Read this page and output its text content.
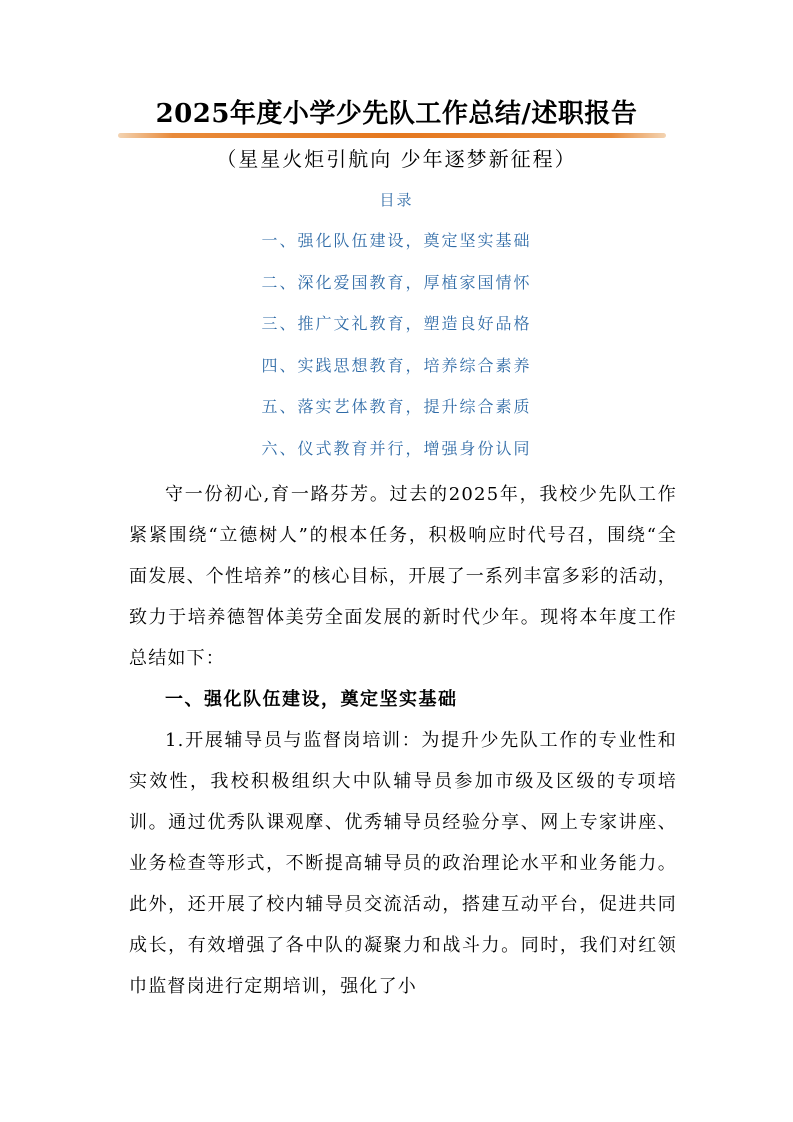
2025年度小学少先队工作总结/述职报告
（星星火炬引航向 少年逐梦新征程）
目录
一、强化队伍建设，奠定坚实基础
二、深化爱国教育，厚植家国情怀
三、推广文礼教育，塑造良好品格
四、实践思想教育，培养综合素养
五、落实艺体教育，提升综合素质
六、仪式教育并行，增强身份认同

守一份初心,育一路芬芳。过去的2025年，我校少先队工作紧紧围绕“立德树人”的根本任务，积极响应时代号召，围绕“全面发展、个性培养”的核心目标，开展了一系列丰富多彩的活动，致力于培养德智体美劳全面发展的新时代少年。现将本年度工作总结如下：

一、强化队伍建设，奠定坚实基础

1.开展辅导员与监督岗培训：为提升少先队工作的专业性和实效性，我校积极组织大中队辅导员参加市级及区级的专项培训。通过优秀队课观摩、优秀辅导员经验分享、网上专家讲座、业务检查等形式，不断提高辅导员的政治理论水平和业务能力。此外，还开展了校内辅导员交流活动，搭建互动平台，促进共同成长，有效增强了各中队的凝聚力和战斗力。同时，我们对红领巾监督岗进行定期培训，强化了小
